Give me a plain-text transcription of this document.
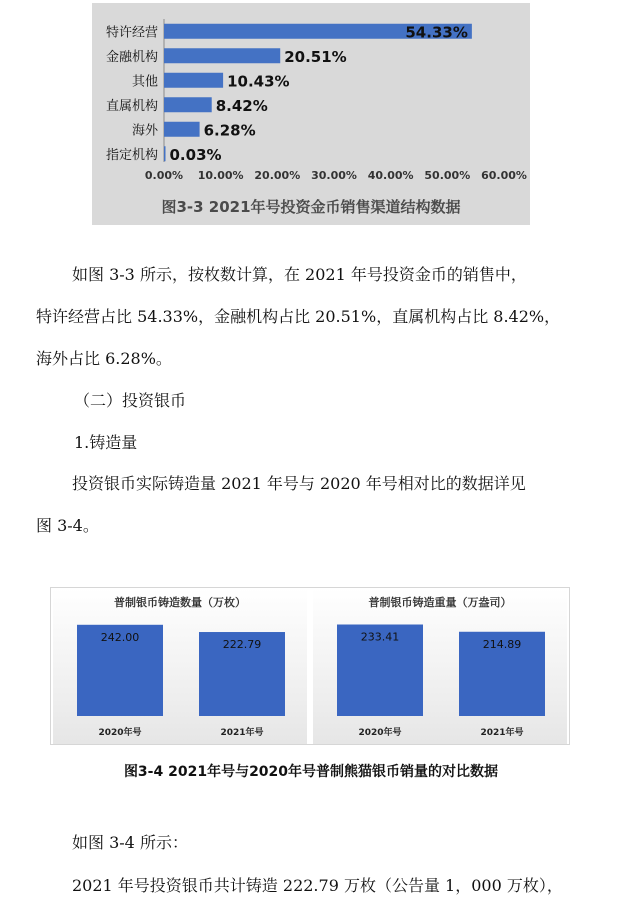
特许经营	54.33%
金融机构	20.51%
其他	10.43%
直属机构	8.42%
海外	6.28%
指定机构 0.03%
0.00% 10.00% 20.00% 30.00% 40.00% 50.00% 60.00%
图3-3 2021年号投资金币销售渠道结构数据
如图 3-3 所示，按枚数计算，在 2021 年号投资金币的销售中，
特许经营占比 54.33%，金融机构占比 20.51%，直属机构占比 8.42%，
海外占比 6.28%。
（二）投资银币
1.铸造量
投资银币实际铸造量 2021 年号与 2020 年号相对比的数据详见
图 3-4。
普制银币铸造数量（万枚）
242.00
2020年号
222.79
2021年号
普制银币铸造重量（万盎司）
233.41
2020年号
214.89
2021年号
图3-4 2021年号与2020年号普制熊猫银币销量的对比数据
如图 3-4 所示：
2021 年号投资银币共计铸造 222.79 万枚（公告量 1，000 万枚），
